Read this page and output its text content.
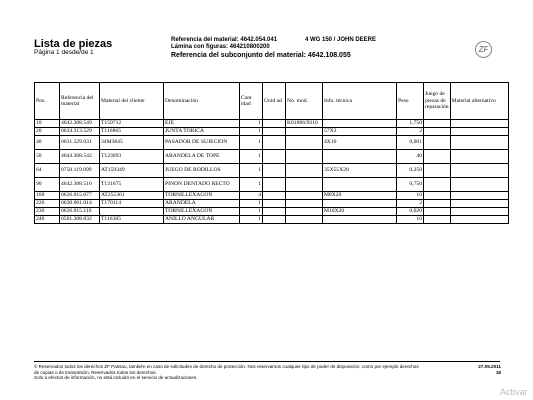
Lista de piezas
Página 1 desde/de 1
Referencia del material: 4642.054.041	4 WG 150 / JOHN DEERE
Lámina con figuras: 464210800200
Referencia del subconjunto del material: 4642.108.055
ZF
Pos.	Referencia del material	Material del cliente	Denominación	Cant idad	Unid ad	No. mod.	Info. técnica	Peso	Juego de piezas de reparación	Material alternativo
10	4642.308.549	T159712	EJE	1		K01086/9310		1,750		
20	0634.313.529	T116865	JUNTA TORICA	1			57X3	2		
40	0631.329.031	34M3845	PASADOR DE SUJECION	1			4X10	0,001		
50	4644.308.542	T123093	ARANDELA DE TOPE	1				40		
64	0750.119.099	AT159349	JUEGO DE RODILLOS	1			35X55X28	0,250		
90	4642.308.516	T131675	PINON DENTADO RECTO	1				0,750		
100	0636.015.077	AT255301	TORNILLEXAGON	4			M8X20	10		
220	0630.001.014	T170114	ARANDELA	1				2		
230	0636.015.110		TORNILLEXAGON	1			M10X20	0,020		
240	0501.308.832	T116385	ANILLO ANGULAR	1				10		
© Reservados todos los derechos ZF Passau, también en caso de solicitudes de derecho de protección. Nos reservamos cualquier tipo de poder de disposición, como por ejemplo derechos
de copias o de transmisión. Reservados todos los derechos.
Solo a efectos de información, no está incluido en el servicio de actualizaciones.
27.05.2011
18
Activar
